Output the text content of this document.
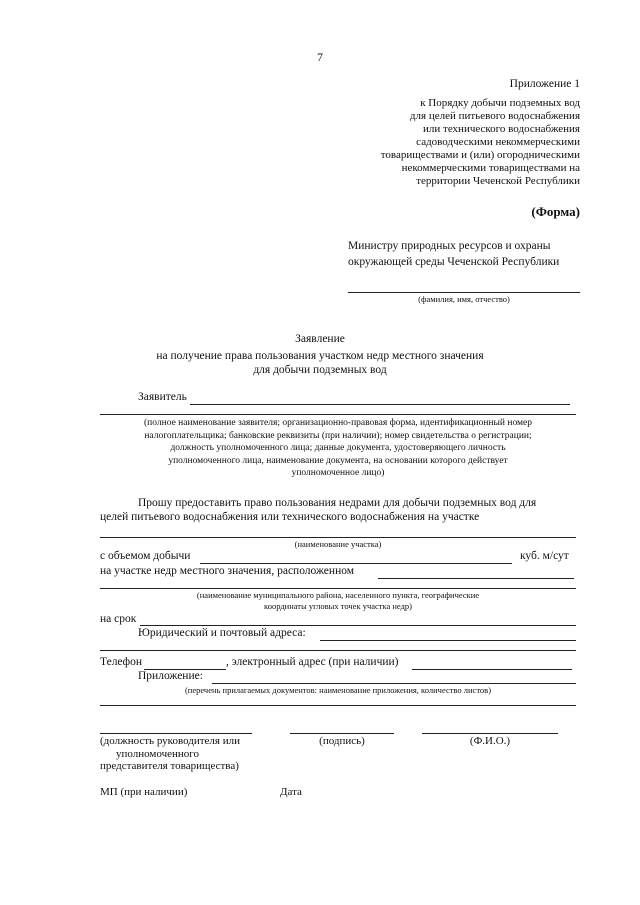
7
Приложение 1
к Порядку добычи подземных вод
для целей питьевого водоснабжения
или технического водоснабжения
садоводческими некоммерческими
товариществами и (или) огородническими
некоммерческими товариществами на
территории Чеченской Республики
(Форма)
Министру природных ресурсов и охраны
окружающей среды Чеченской Республики
(фамилия, имя, отчество)
Заявление
на получение права пользования участком недр местного значения
для добычи подземных вод
Заявитель
(полное наименование заявителя; организационно-правовая форма, идентификационный номер
налогоплательщика; банковские реквизиты (при наличии); номер свидетельства о регистрации;
должность уполномоченного лица; данные документа, удостоверяющего личность
уполномоченного лица, наименование документа, на основании которого действует
уполномоченное лицо)
Прошу предоставить право пользования недрами для добычи подземных вод для
целей питьевого водоснабжения или технического водоснабжения на участке
(наименование участка)
с объемом добычи	куб. м/сут
на участке недр местного значения, расположенном
(наименование муниципального района, населенного пункта, географические
координаты угловых точек участка недр)
на срок
Юридический и почтовый адреса:
Телефон	, электронный адрес (при наличии)
Приложение:
(перечень прилагаемых документов: наименование приложения, количество листов)
(должность руководителя или
уполномоченного
представителя товарищества)
(подпись)	(Ф.И.О.)
МП (при наличии)	Дата
